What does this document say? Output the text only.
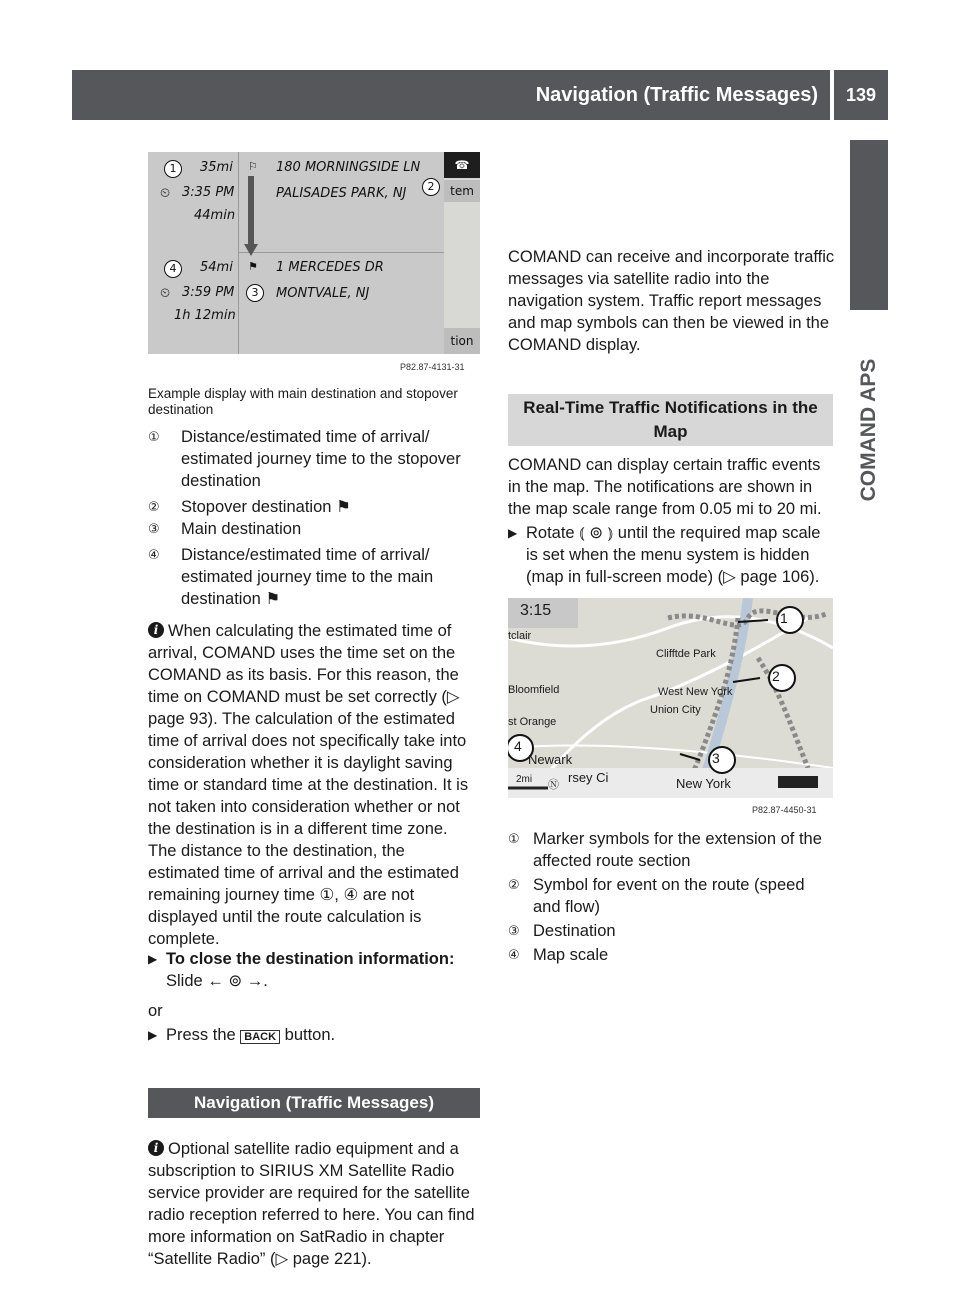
Navigation (Traffic Messages)	139
COMAND APS
1	35mi
⏲ 3:35 PM
44min
⚐ 180 MORNINGSIDE LN
PALISADES PARK, NJ	2
4	54mi
⏲ 3:59 PM
1h 12min
⚑
3
1 MERCEDES DR
MONTVALE, NJ
☎
tem
tion
P82.87-4131-31
Example display with main destination and stopover destination
①	Distance/estimated time of arrival/ estimated journey time to the stopover destination
②	Stopover destination ⚑
③	Main destination
④	Distance/estimated time of arrival/ estimated journey time to the main destination ⚑
i When calculating the estimated time of arrival, COMAND uses the time set on the COMAND as its basis. For this reason, the time on COMAND must be set correctly (▷ page 93). The calculation of the estimated time of arrival does not specifically take into consideration whether it is daylight saving time or standard time at the destination. It is not taken into consideration whether or not the destination is in a different time zone. The distance to the destination, the estimated time of arrival and the estimated remaining journey time ①, ④ are not displayed until the route calculation is complete.
▶ To close the destination information:
Slide ← ⊚ →.
or
▶ Press the BACK button.
Navigation (Traffic Messages)
i Optional satellite radio equipment and a subscription to SIRIUS XM Satellite Radio service provider are required for the satellite radio reception referred to here. You can find more information on SatRadio in chapter “Satellite Radio” (▷ page 221).
COMAND can receive and incorporate traffic messages via satellite radio into the navigation system. Traffic report messages and map symbols can then be viewed in the COMAND display.
Real-Time Traffic Notifications in the Map
COMAND can display certain traffic events in the map. The notifications are shown in the map scale range from 0.05 mi to 20 mi.
▶ Rotate ⦅ ⊚ ⦆ until the required map scale is set when the menu system is hidden (map in full-screen mode) (▷ page 106).
3:15	1
2
3
4
Clifftde Park
West New York
Union City
Newark
Bloomfield
st Orange
tclair
rsey Ci	New York
2mi Ⓝ
P82.87-4450-31
① Marker symbols for the extension of the affected route section
② Symbol for event on the route (speed and flow)
③ Destination
④ Map scale
